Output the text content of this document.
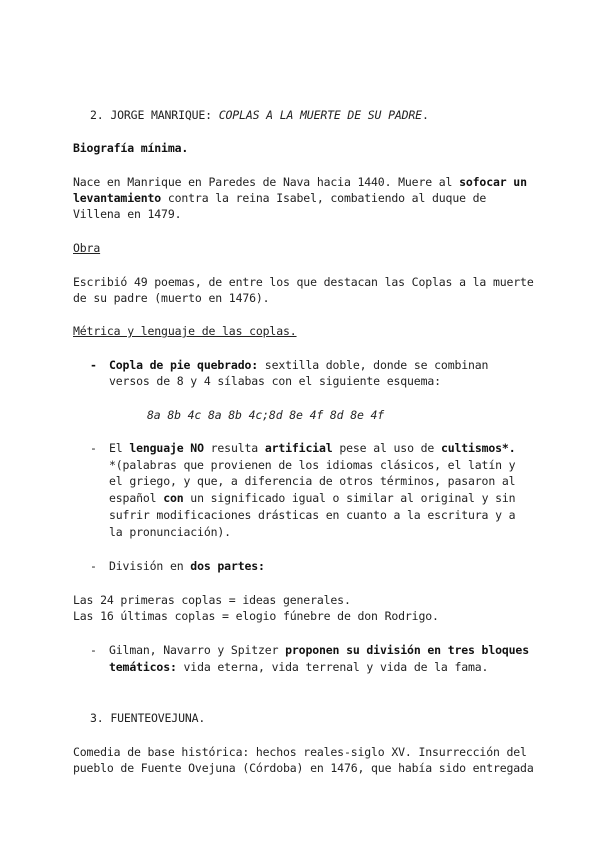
2. JORGE MANRIQUE: COPLAS A LA MUERTE DE SU PADRE.
Biografía mínima.
Nace en Manrique en Paredes de Nava hacia 1440. Muere al sofocar un
levantamiento contra la reina Isabel, combatiendo al duque de
Villena en 1479.
Obra
Escribió 49 poemas, de entre los que destacan las Coplas a la muerte
de su padre (muerto en 1476).
Métrica y lenguaje de las coplas.
- Copla de pie quebrado: sextilla doble, donde se combinan
versos de 8 y 4 sílabas con el siguiente esquema:
8a 8b 4c 8a 8b 4c;8d 8e 4f 8d 8e 4f
- El lenguaje NO resulta artificial pese al uso de cultismos*.
*(palabras que provienen de los idiomas clásicos, el latín y
el griego, y que, a diferencia de otros términos, pasaron al
español con un significado igual o similar al original y sin
sufrir modificaciones drásticas en cuanto a la escritura y a
la pronunciación).
- División en dos partes:
Las 24 primeras coplas = ideas generales.
Las 16 últimas coplas = elogio fúnebre de don Rodrigo.
- Gilman, Navarro y Spitzer proponen su división en tres bloques
temáticos: vida eterna, vida terrenal y vida de la fama.
3. FUENTEOVEJUNA.
Comedia de base histórica: hechos reales-siglo XV. Insurrección del
pueblo de Fuente Ovejuna (Córdoba) en 1476, que había sido entregada
